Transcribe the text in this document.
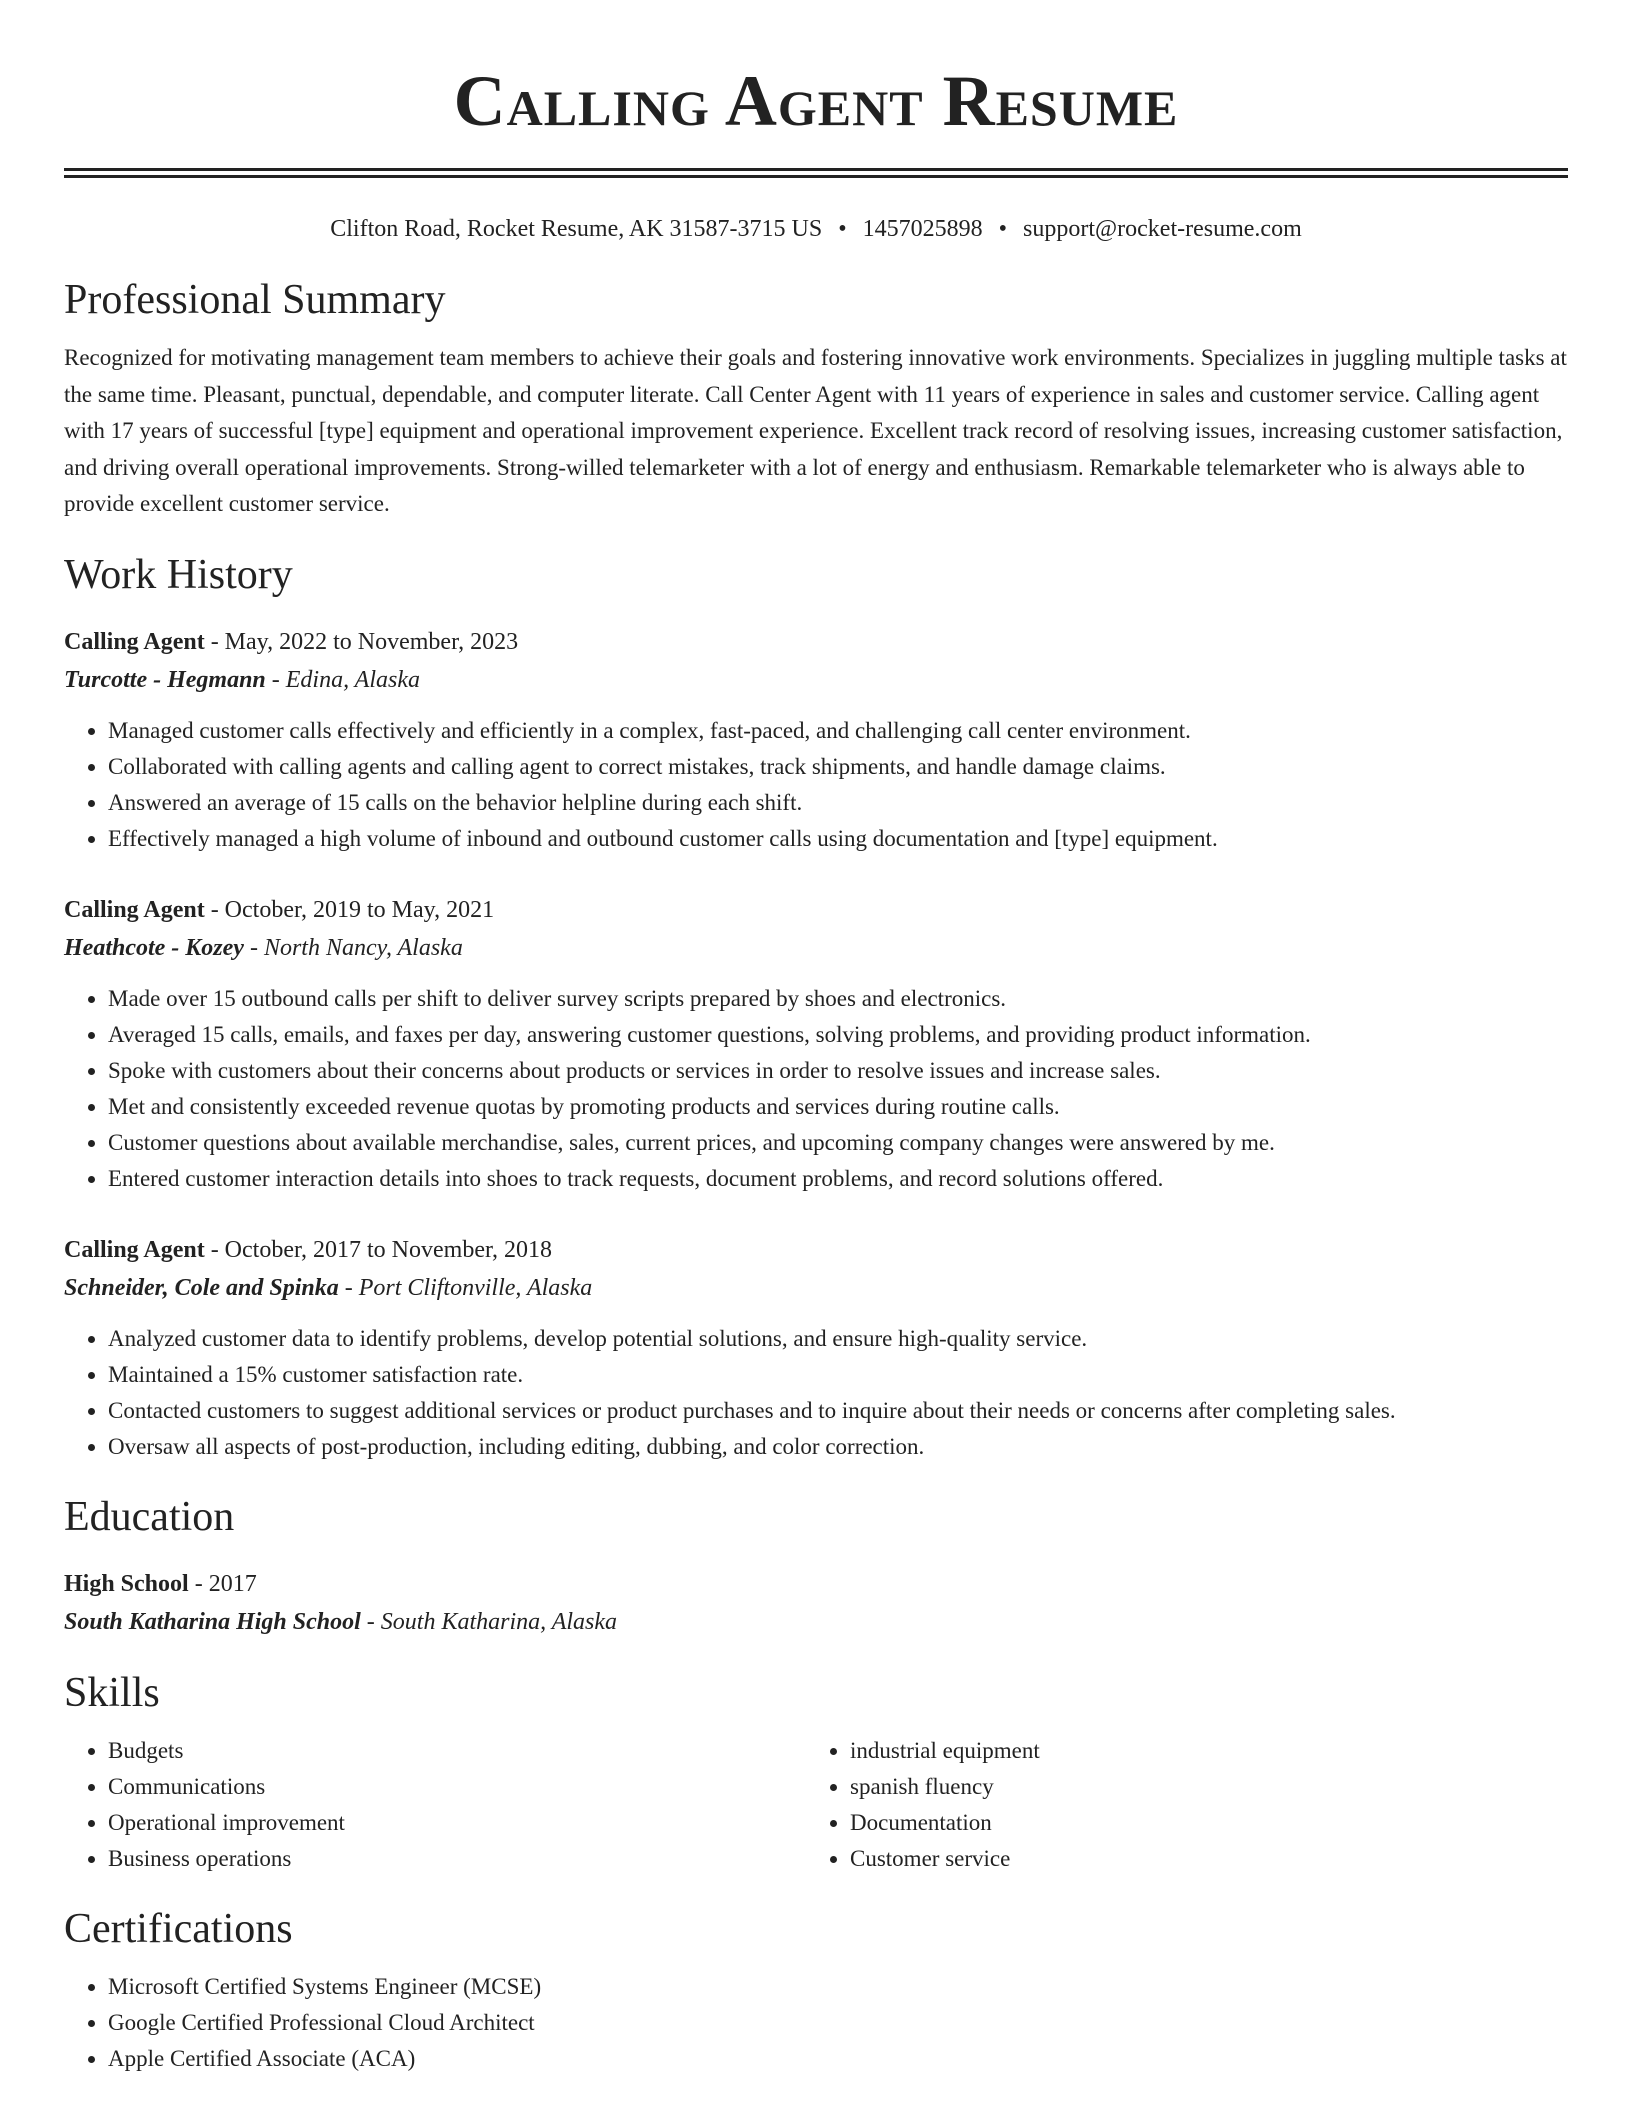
Calling Agent Resume
Clifton Road, Rocket Resume, AK 31587-3715 US • 1457025898 • support@rocket-resume.com
Professional Summary

Recognized for motivating management team members to achieve their goals and fostering innovative work environments. Specializes in juggling multiple tasks at the same time. Pleasant, punctual, dependable, and computer literate. Call Center Agent with 11 years of experience in sales and customer service. Calling agent with 17 years of successful [type] equipment and operational improvement experience. Excellent track record of resolving issues, increasing customer satisfaction, and driving overall operational improvements. Strong-willed telemarketer with a lot of energy and enthusiasm. Remarkable telemarketer who is always able to provide excellent customer service.

Work History
Calling Agent - May, 2022 to November, 2023
Turcotte - Hegmann - Edina, Alaska
• Managed customer calls effectively and efficiently in a complex, fast-paced, and challenging call center environment.
• Collaborated with calling agents and calling agent to correct mistakes, track shipments, and handle damage claims.
• Answered an average of 15 calls on the behavior helpline during each shift.
• Effectively managed a high volume of inbound and outbound customer calls using documentation and [type] equipment.
Calling Agent - October, 2019 to May, 2021
Heathcote - Kozey - North Nancy, Alaska
• Made over 15 outbound calls per shift to deliver survey scripts prepared by shoes and electronics.
• Averaged 15 calls, emails, and faxes per day, answering customer questions, solving problems, and providing product information.
• Spoke with customers about their concerns about products or services in order to resolve issues and increase sales.
• Met and consistently exceeded revenue quotas by promoting products and services during routine calls.
• Customer questions about available merchandise, sales, current prices, and upcoming company changes were answered by me.
• Entered customer interaction details into shoes to track requests, document problems, and record solutions offered.
Calling Agent - October, 2017 to November, 2018
Schneider, Cole and Spinka - Port Cliftonville, Alaska
• Analyzed customer data to identify problems, develop potential solutions, and ensure high-quality service.
• Maintained a 15% customer satisfaction rate.
• Contacted customers to suggest additional services or product purchases and to inquire about their needs or concerns after completing sales.
• Oversaw all aspects of post-production, including editing, dubbing, and color correction.
Education
High School - 2017
South Katharina High School - South Katharina, Alaska
Skills
• Budgets
• Communications
• Operational improvement
• Business operations
• industrial equipment
• spanish fluency
• Documentation
• Customer service
Certifications
• Microsoft Certified Systems Engineer (MCSE)
• Google Certified Professional Cloud Architect
• Apple Certified Associate (ACA)
